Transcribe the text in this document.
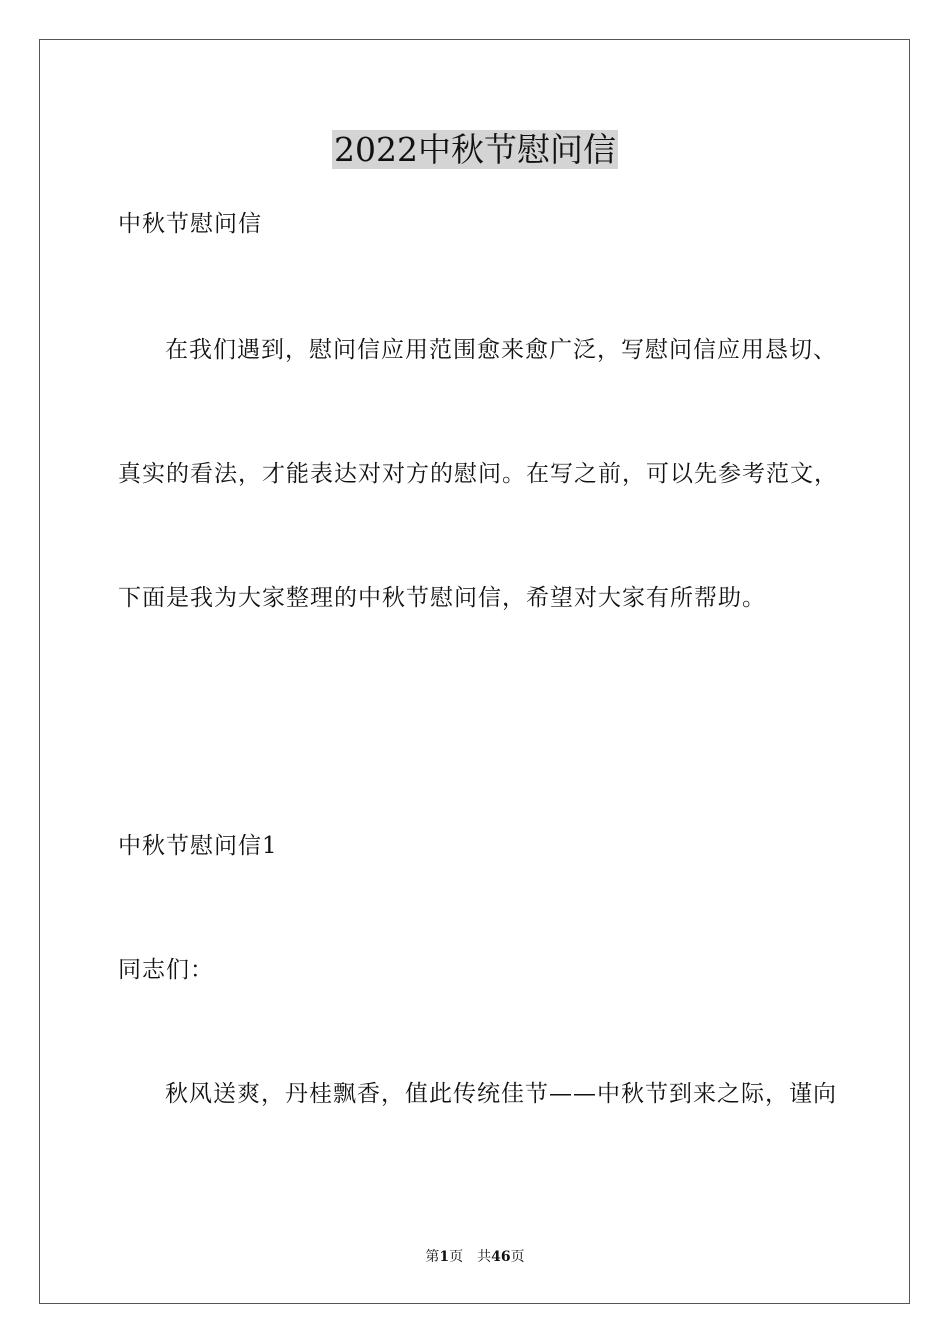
2022中秋节慰问信
中秋节慰问信
在我们遇到，慰问信应用范围愈来愈广泛，写慰问信应用恳切、
真实的看法，才能表达对对方的慰问。在写之前，可以先参考范文，
下面是我为大家整理的中秋节慰问信，希望对大家有所帮助。
中秋节慰问信1
同志们：
秋风送爽，丹桂飘香，值此传统佳节——中秋节到来之际，谨向
第1页 共46页
